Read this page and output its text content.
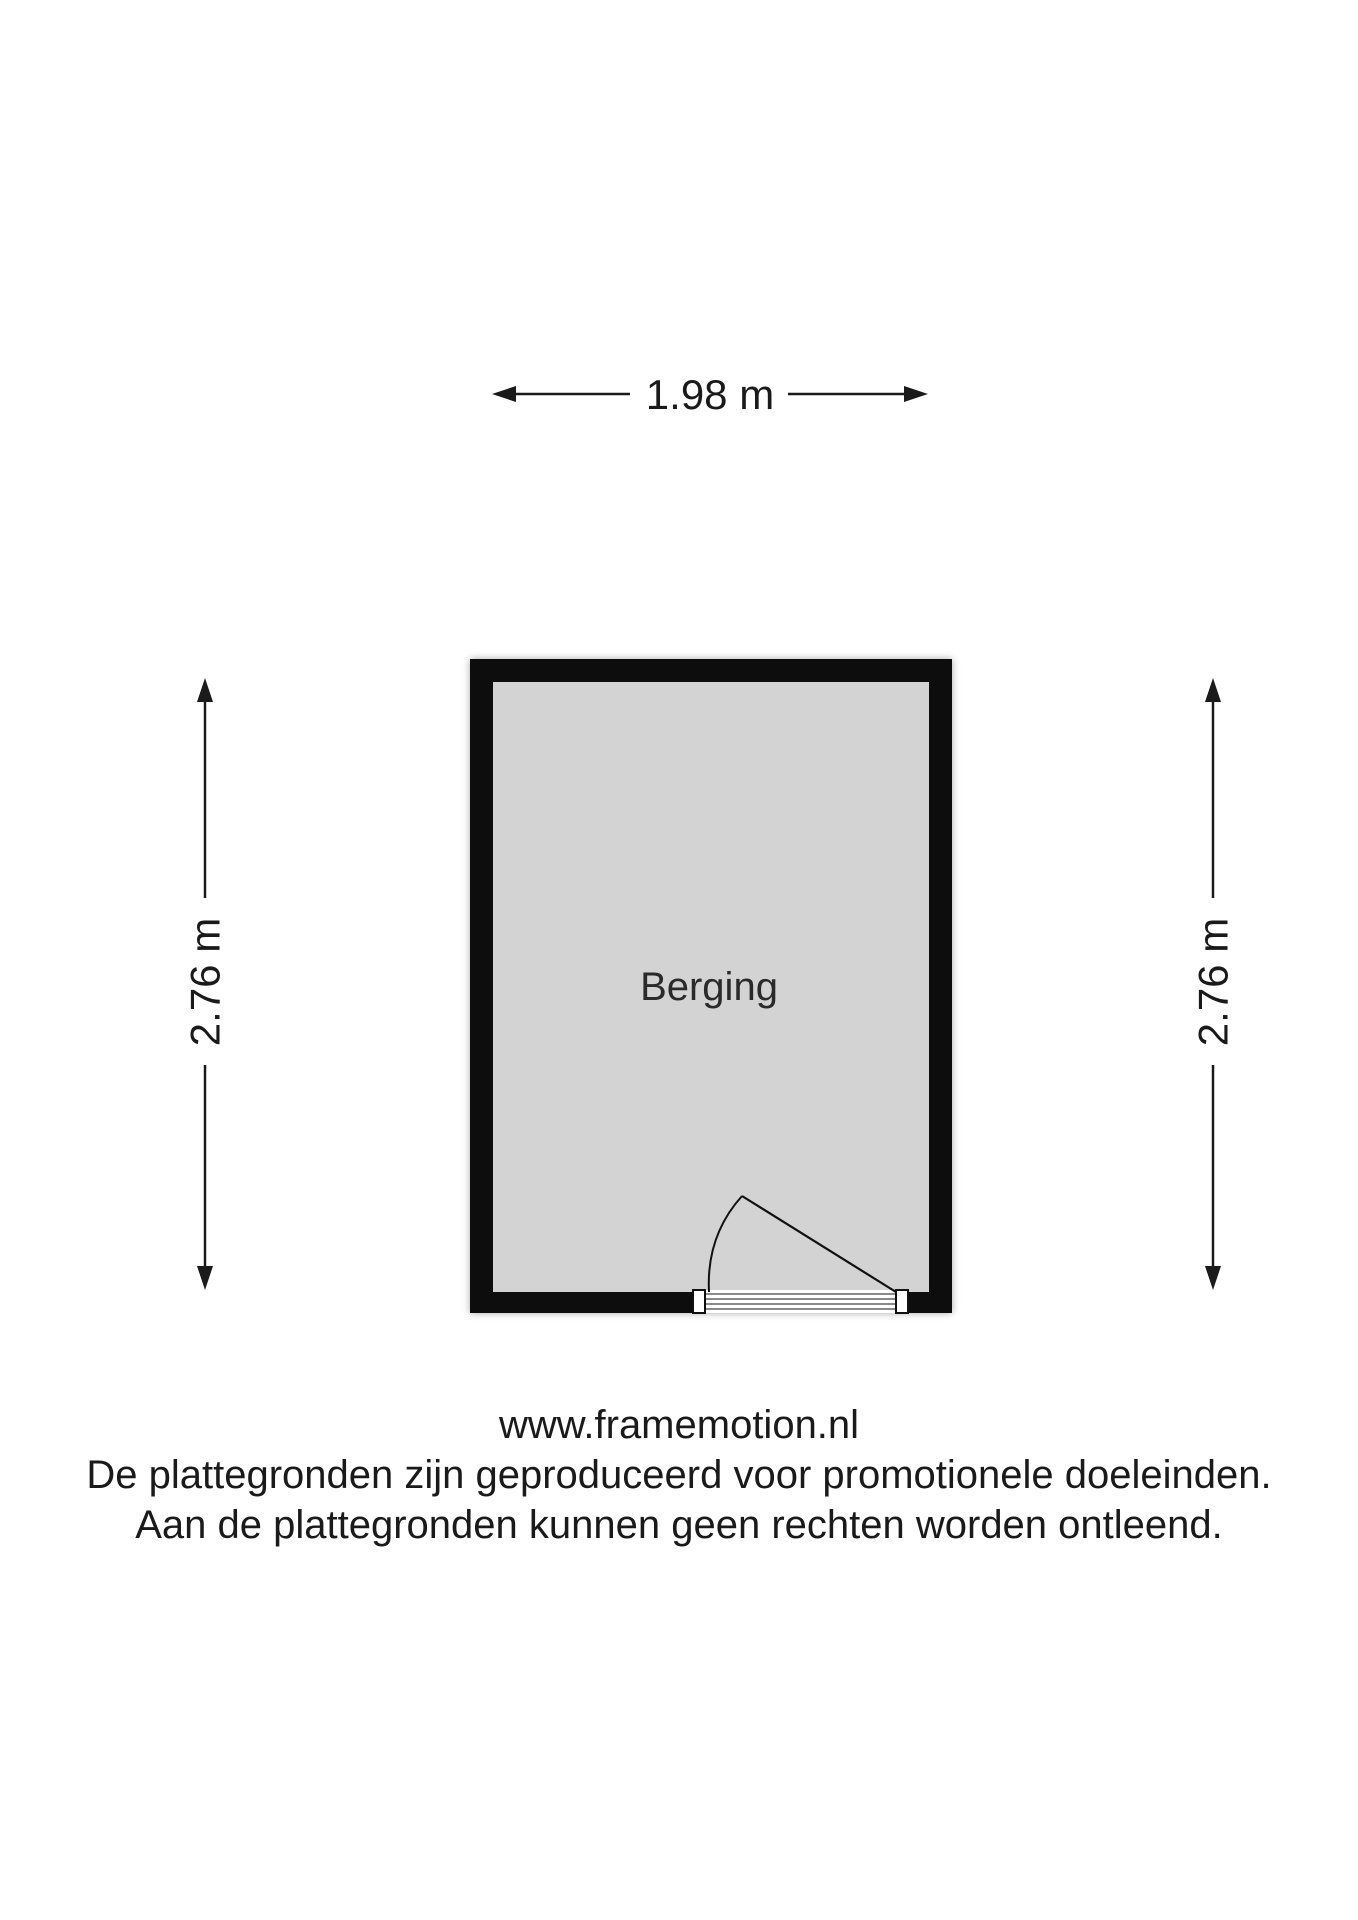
1.98 m
2.76 m	2.76 m
Berging
www.framemotion.nl
De plattegronden zijn geproduceerd voor promotionele doeleinden.
Aan de plattegronden kunnen geen rechten worden ontleend.
